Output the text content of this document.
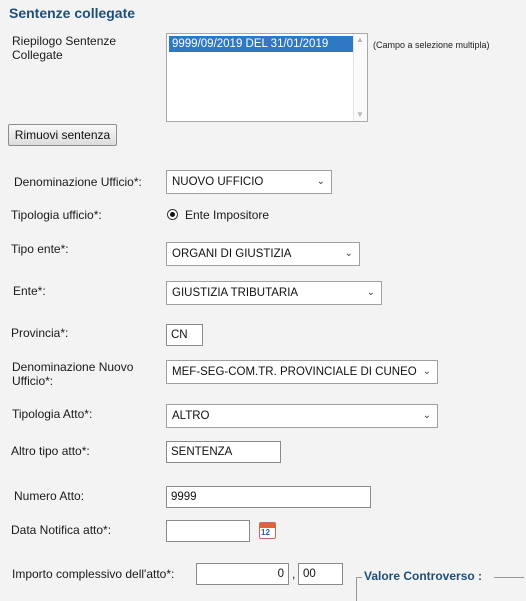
Sentenze collegate
Riepilogo Sentenze
Collegate
9999/09/2019 DEL 31/01/2019	▲
▼
(Campo a selezione multipla)
Rimuovi sentenza
Denominazione Ufficio*:	NUOVO UFFICIO	⌄
Tipologia ufficio*:	Ente Impositore
Tipo ente*:	ORGANI DI GIUSTIZIA	⌄
Ente*:	GIUSTIZIA TRIBUTARIA	⌄
Provincia*:	CN
Denominazione Nuovo
Ufficio*:
MEF-SEG-COM.TR. PROVINCIALE DI CUNEO ⌄
Tipologia Atto*:	ALTRO	⌄
Altro tipo atto*:	SENTENZA
Numero Atto:	9999
Data Notifica atto*:	12
Importo complessivo dell'atto*:	0 , 00	Valore Controverso :
